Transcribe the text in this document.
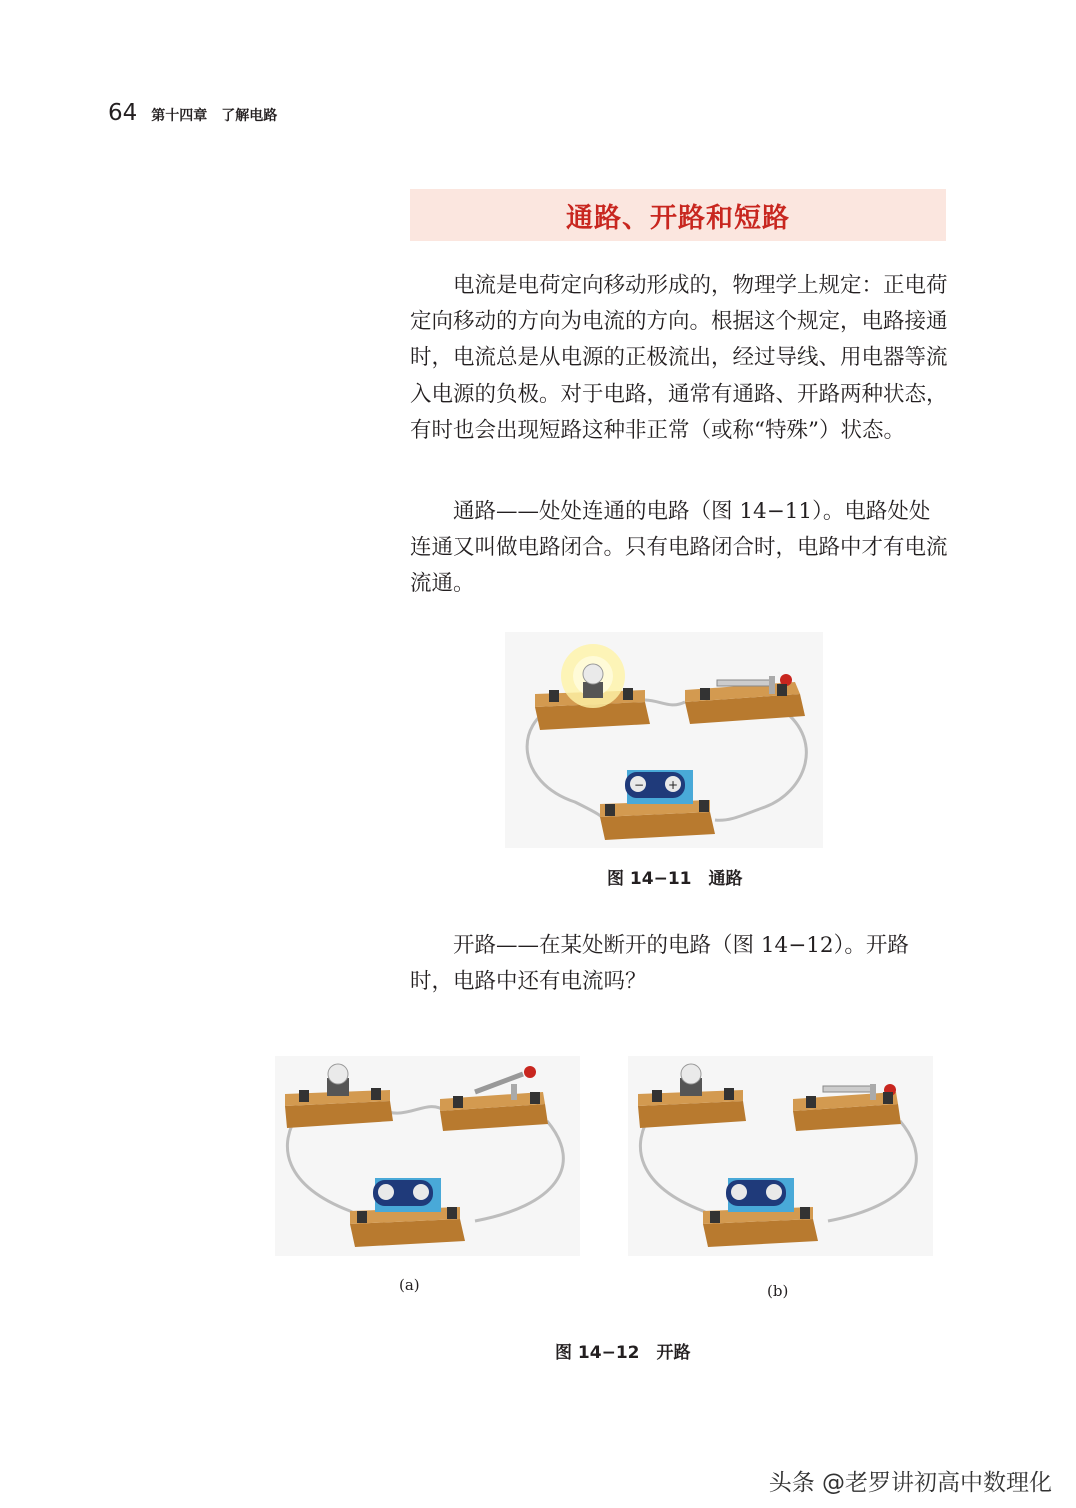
64 第十四章　了解电路
通路、开路和短路

电流是电荷定向移动形成的，物理学上规定：正电荷定向移动的方向为电流的方向。根据这个规定，电路接通时，电流总是从电源的正极流出，经过导线、用电器等流入电源的负极。对于电路，通常有通路、开路两种状态，有时也会出现短路这种非正常（或称“特殊”）状态。

通路——处处连通的电路（图 14−11）。电路处处连通又叫做电路闭合。只有电路闭合时，电路中才有电流流通。

− +
图 14−11　通路

开路——在某处断开的电路（图 14−12）。开路时，电路中还有电流吗？

(a)	(b)
图 14−12　开路
头条 @老罗讲初高中数理化
